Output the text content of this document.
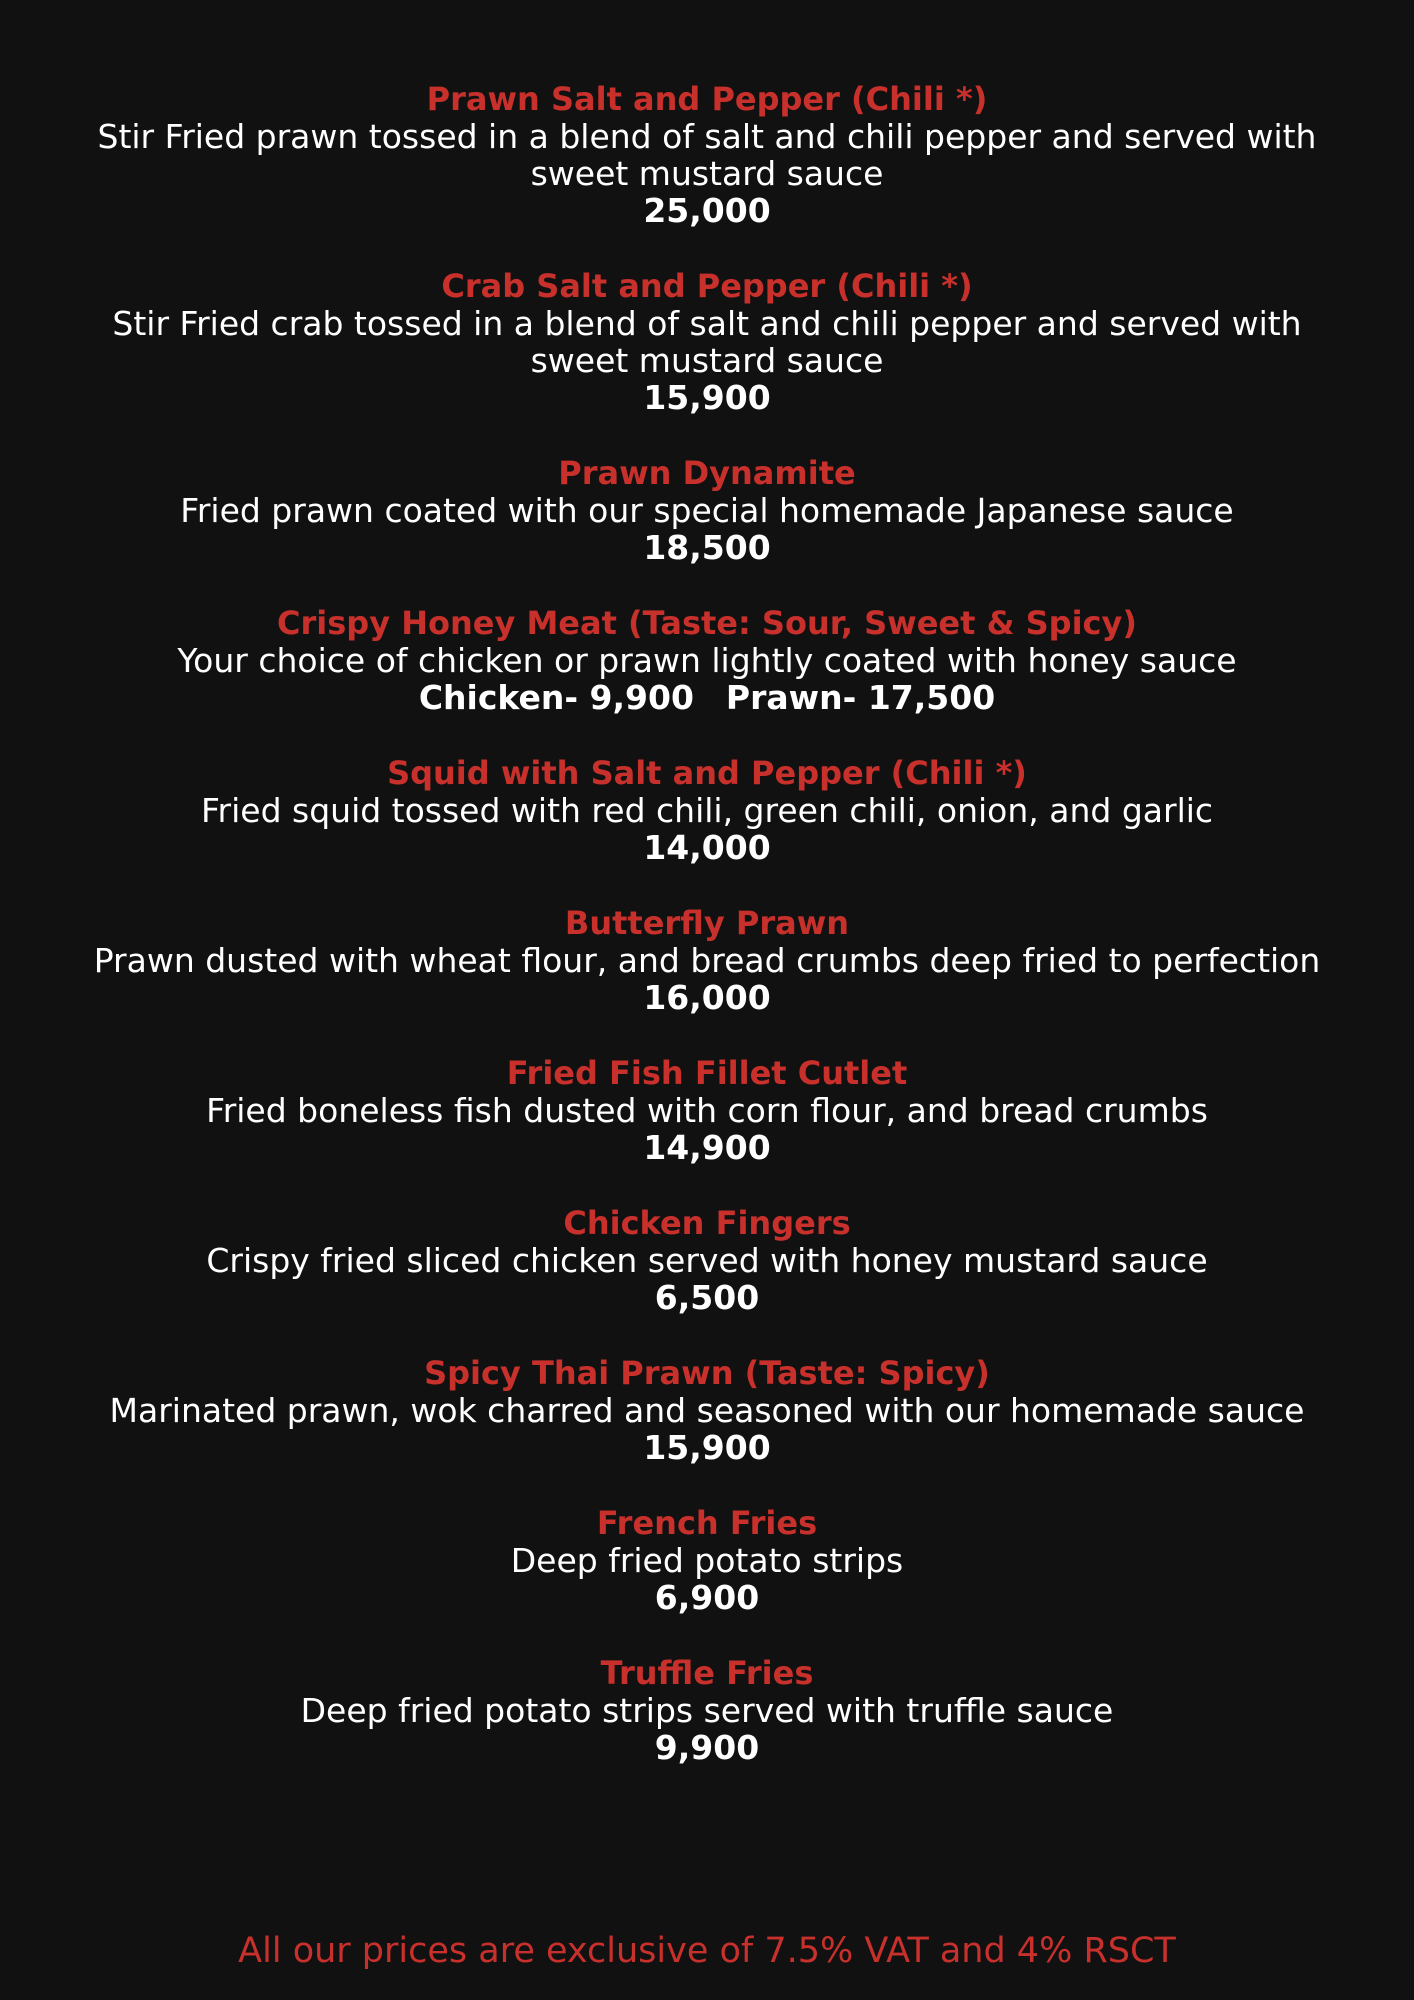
Prawn Salt and Pepper (Chili *)
Stir Fried prawn tossed in a blend of salt and chili pepper and served with sweet mustard sauce
25,000
Crab Salt and Pepper (Chili *)
Stir Fried crab tossed in a blend of salt and chili pepper and served with sweet mustard sauce
15,900
Prawn Dynamite
Fried prawn coated with our special homemade Japanese sauce
18,500
Crispy Honey Meat (Taste: Sour, Sweet & Spicy)
Your choice of chicken or prawn lightly coated with honey sauce
Chicken- 9,900 Prawn- 17,500
Squid with Salt and Pepper (Chili *)
Fried squid tossed with red chili, green chili, onion, and garlic
14,000
Butterfly Prawn
Prawn dusted with wheat flour, and bread crumbs deep fried to perfection
16,000
Fried Fish Fillet Cutlet
Fried boneless fish dusted with corn flour, and bread crumbs
14,900
Chicken Fingers
Crispy fried sliced chicken served with honey mustard sauce
6,500
Spicy Thai Prawn (Taste: Spicy)
Marinated prawn, wok charred and seasoned with our homemade sauce
15,900
French Fries
Deep fried potato strips
6,900
Truffle Fries
Deep fried potato strips served with truffle sauce
9,900
All our prices are exclusive of 7.5% VAT and 4% RSCT
